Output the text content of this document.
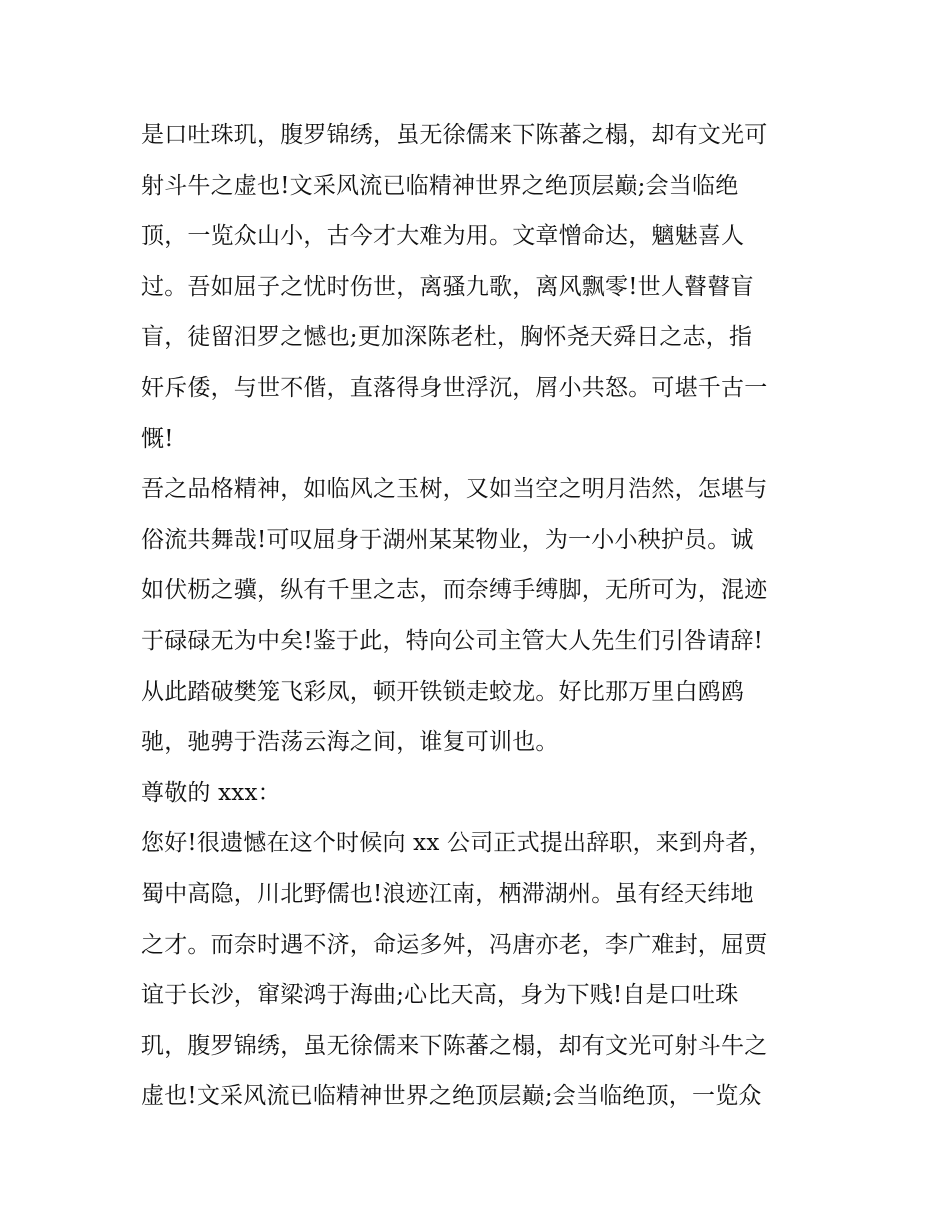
是口吐珠玑，腹罗锦绣，虽无徐儒来下陈蕃之榻，却有文光可
射斗牛之虚也!文采风流已临精神世界之绝顶层巅;会当临绝
顶，一览众山小，古今才大难为用。文章憎命达，魑魅喜人
过。吾如屈子之忧时伤世，离骚九歌，离风飘零!世人瞽瞽盲
盲，徒留汨罗之憾也;更加深陈老杜，胸怀尧天舜日之志，指
奸斥倭，与世不偕，直落得身世浮沉，屑小共怒。可堪千古一
慨!
吾之品格精神，如临风之玉树，又如当空之明月浩然，怎堪与
俗流共舞哉!可叹屈身于湖州某某物业，为一小小秧护员。诚
如伏枥之骥，纵有千里之志，而奈缚手缚脚，无所可为，混迹
于碌碌无为中矣!鉴于此，特向公司主管大人先生们引咎请辞!
从此踏破樊笼飞彩凤，顿开铁锁走蛟龙。好比那万里白鸥鸥
驰，驰骋于浩荡云海之间，谁复可训也。
尊敬的 xxx：
您好!很遗憾在这个时候向 xx 公司正式提出辞职，来到舟者，
蜀中高隐，川北野儒也!浪迹江南，栖滞湖州。虽有经天纬地
之才。而奈时遇不济，命运多舛，冯唐亦老，李广难封，屈贾
谊于长沙，窜梁鸿于海曲;心比天高，身为下贱!自是口吐珠
玑，腹罗锦绣，虽无徐儒来下陈蕃之榻，却有文光可射斗牛之
虚也!文采风流已临精神世界之绝顶层巅;会当临绝顶，一览众
